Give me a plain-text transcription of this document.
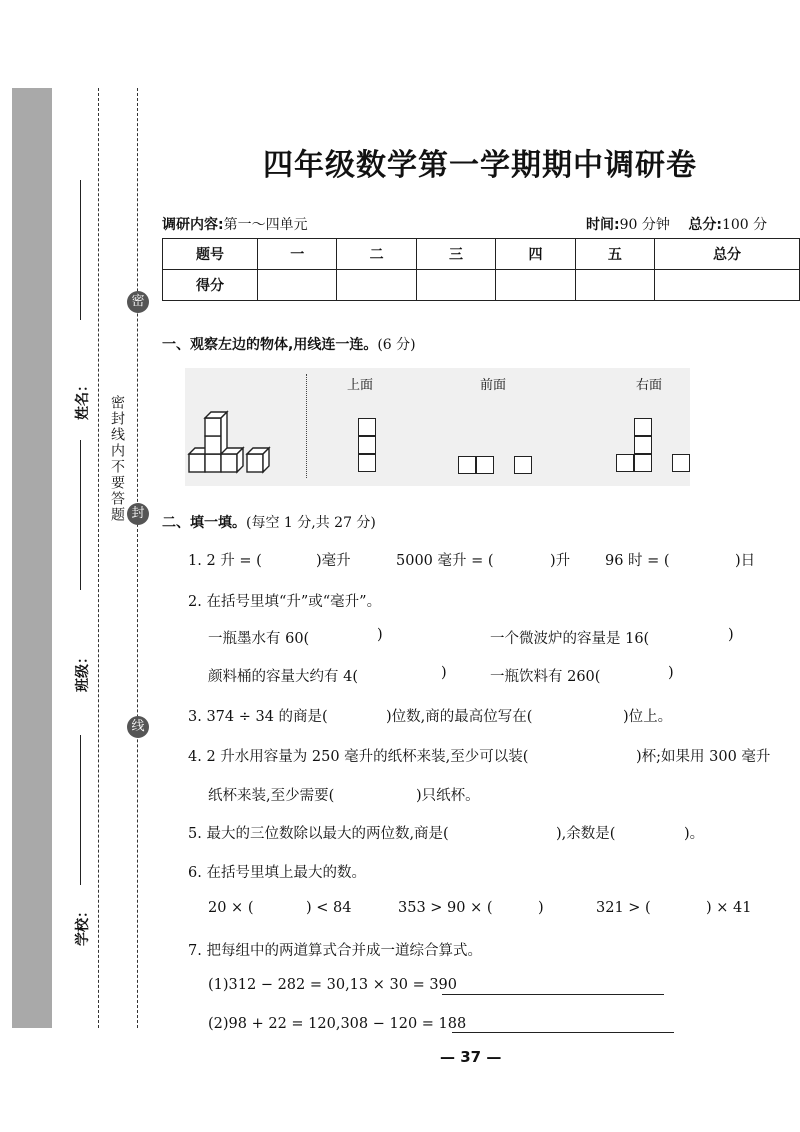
密
封
线
密封线内不要答题
姓名：
班级：
学校：
四年级数学第一学期期中调研卷
调研内容:第一～四单元	时间:90 分钟 总分:100 分
题号	一	二	三	四	五	总分
得分						
一、观察左边的物体,用线连一连。(6 分)
上面	前面	右面
二、填一填。(每空 1 分,共 27 分)
1. 2 升 = (	)毫升	5000 毫升 = (	)升 96 时 = (	)日
2. 在括号里填“升”或“毫升”。
一瓶墨水有 60(	)	一个微波炉的容量是 16(	)
颜料桶的容量大约有 4(	)	一瓶饮料有 260(	)
3. 374 ÷ 34 的商是(	)位数,商的最高位写在(	)位上。
4. 2 升水用容量为 250 毫升的纸杯来装,至少可以装(	)杯;如果用 300 毫升
纸杯来装,至少需要(	)只纸杯。
5. 最大的三位数除以最大的两位数,商是(	),余数是(	)。
6. 在括号里填上最大的数。
20 × (	) < 84	353 > 90 × (	)	321 > (	) × 41
7. 把每组中的两道算式合并成一道综合算式。
(1)312 − 282 = 30,13 × 30 = 390
(2)98 + 22 = 120,308 − 120 = 188
— 37 —
